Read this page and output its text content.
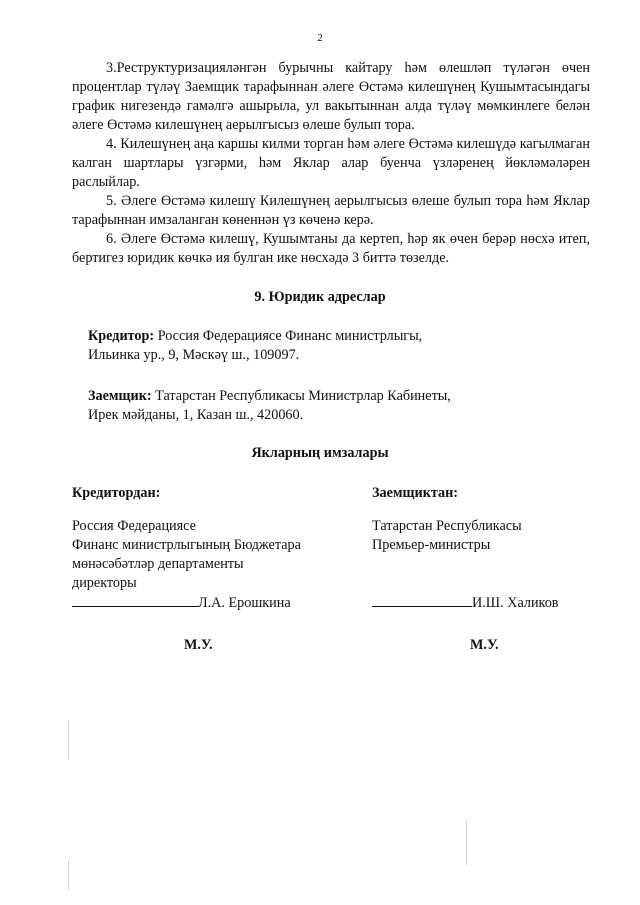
2

3.Реструктуризацияләнгән бурычны кайтару һәм өлешләп түләгән өчен процентлар түләү Заемщик тарафыннан әлеге Өстәмә килешүнең Кушымтасындагы график нигезендә гамәлгә ашырыла, ул вакытыннан алда түләү мөмкинлеге белән әлеге Өстәмә килешүнең аерылгысыз өлеше булып тора.

4. Килешүнең аңа каршы килми торган һәм әлеге Өстәмә килешүдә кагылмаган калган шартлары үзгәрми, һәм Яклар алар буенча үзләренең йөкләмәләрен раслыйлар.

5. Әлеге Өстәмә килешү Килешүнең аерылгысыз өлеше булып тора һәм Яклар тарафыннан имзаланган көненнән үз көченә керә.

6. Әлеге Өстәмә килешү, Кушымтаны да кертеп, һәр як өчен берәр нөсхә итеп, бертигез юридик көчкә ия булган ике нөсхәдә 3 биттә төзелде.

9. Юридик адреслар

Кредитор: Россия Федерациясе Финанс министрлыгы,

Ильинка ур., 9, Мәскәү ш., 109097.

Заемщик: Татарстан Республикасы Министрлар Кабинеты,

Ирек мәйданы, 1, Казан ш., 420060.

Якларның имзалары

Кредитордан:

Россия Федерациясе

Финанс министрлыгының Бюджетара

мөнәсәбәтләр департаменты

директоры

Л.А. Ерошкина

Заемщиктан:

Татарстан Республикасы

Премьер-министры

И.Ш. Халиков

М.У.	М.У.
